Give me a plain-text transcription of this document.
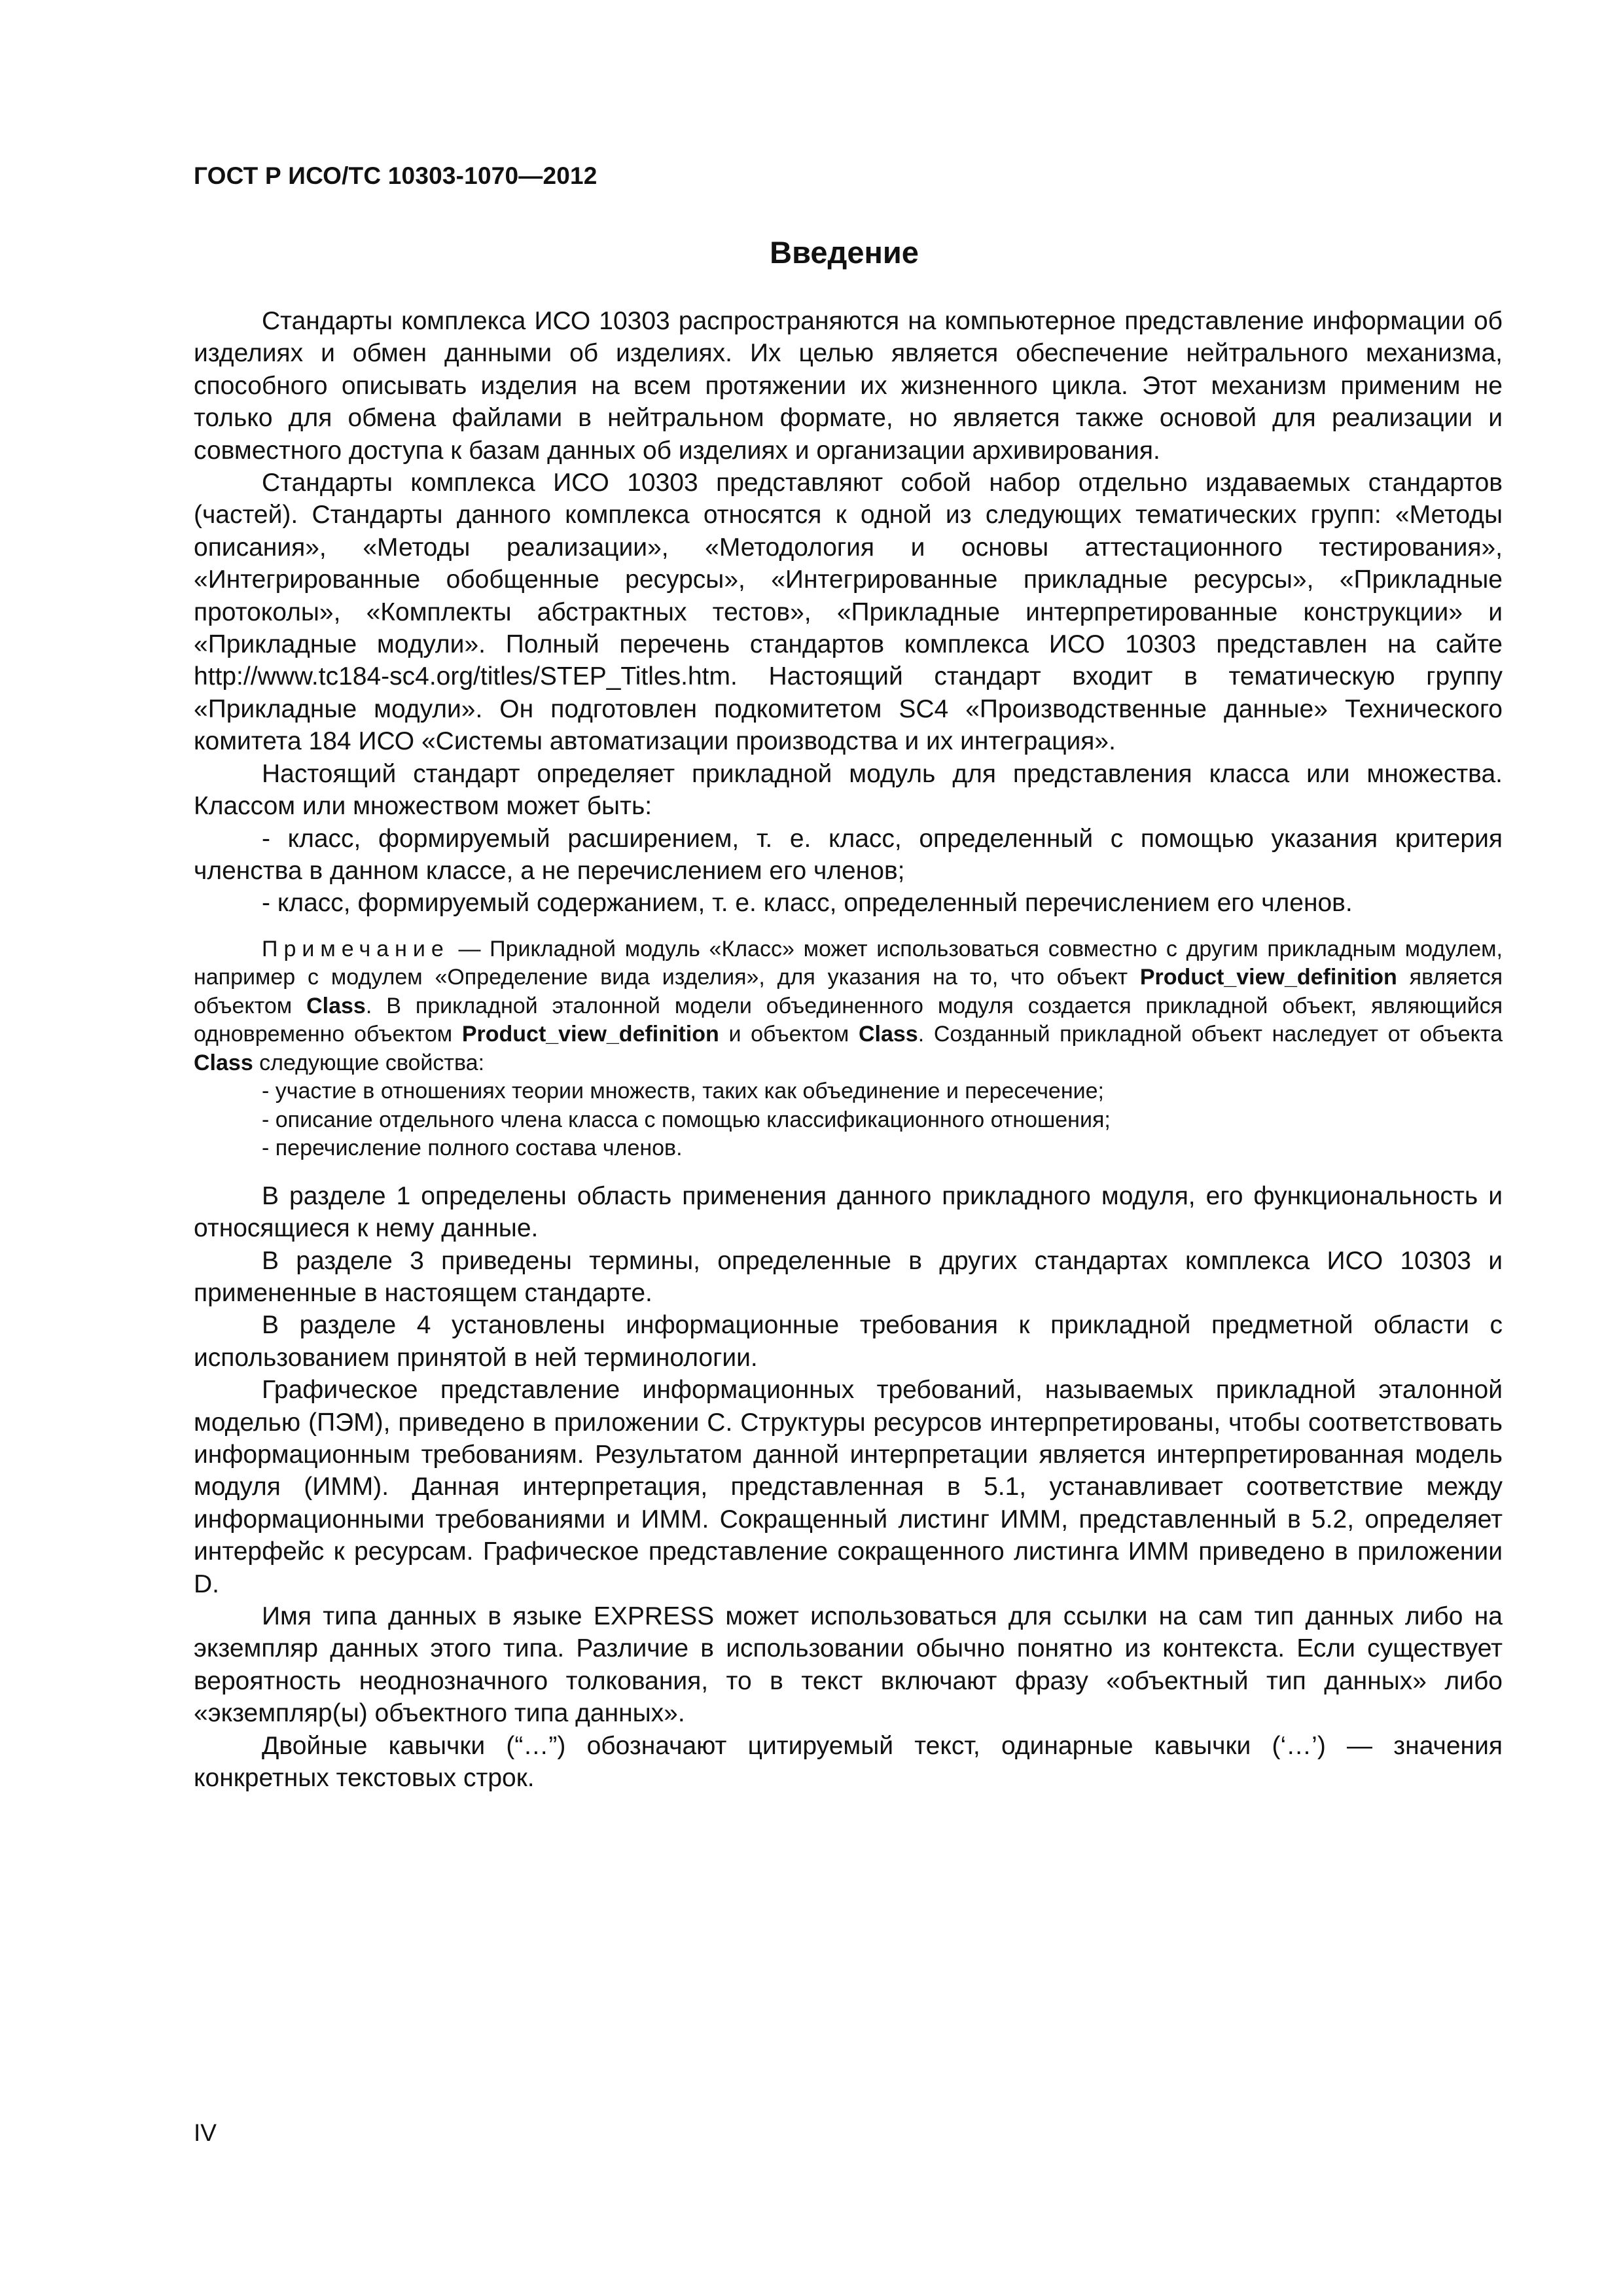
ГОСТ Р ИСО/ТС 10303-1070—2012
Введение

Стандарты комплекса ИСО 10303 распространяются на компьютерное представление информации об изделиях и обмен данными об изделиях. Их целью является обеспечение нейтрального механизма, способного описывать изделия на всем протяжении их жизненного цикла. Этот механизм применим не только для обмена файлами в нейтральном формате, но является также основой для реализации и совместного доступа к базам данных об изделиях и организации архивирования.

Стандарты комплекса ИСО 10303 представляют собой набор отдельно издаваемых стандартов (частей). Стандарты данного комплекса относятся к одной из следующих тематических групп: «Методы описания», «Методы реализации», «Методология и основы аттестационного тестирования», «Интегрированные обобщенные ресурсы», «Интегрированные прикладные ресурсы», «Прикладные протоколы», «Комплекты абстрактных тестов», «Прикладные интерпретированные конструкции» и «Прикладные модули». Полный перечень стандартов комплекса ИСО 10303 представлен на сайте http://www.tc184-sc4.org/titles/STEP_Titles.htm. Настоящий стандарт входит в тематическую группу «Прикладные модули». Он подготовлен подкомитетом SC4 «Производственные данные» Технического комитета 184 ИСО «Системы автоматизации производства и их интеграция».

Настоящий стандарт определяет прикладной модуль для представления класса или множества. Классом или множеством может быть:

- класс, формируемый расширением, т. е. класс, определенный с помощью указания критерия членства в данном классе, а не перечислением его членов;

- класс, формируемый содержанием, т. е. класс, определенный перечислением его членов.

Примечание — Прикладной модуль «Класс» может использоваться совместно с другим прикладным модулем, например с модулем «Определение вида изделия», для указания на то, что объект Product_view_definition является объектом Class. В прикладной эталонной модели объединенного модуля создается прикладной объект, являющийся одновременно объектом Product_view_definition и объектом Class. Созданный прикладной объект наследует от объекта Class следующие свойства:

- участие в отношениях теории множеств, таких как объединение и пересечение;

- описание отдельного члена класса с помощью классификационного отношения;

- перечисление полного состава членов.

В разделе 1 определены область применения данного прикладного модуля, его функциональность и относящиеся к нему данные.

В разделе 3 приведены термины, определенные в других стандартах комплекса ИСО 10303 и примененные в настоящем стандарте.

В разделе 4 установлены информационные требования к прикладной предметной области с использованием принятой в ней терминологии.

Графическое представление информационных требований, называемых прикладной эталонной моделью (ПЭМ), приведено в приложении С. Структуры ресурсов интерпретированы, чтобы соответствовать информационным требованиям. Результатом данной интерпретации является интерпретированная модель модуля (ИММ). Данная интерпретация, представленная в 5.1, устанавливает соответствие между информационными требованиями и ИММ. Сокращенный листинг ИММ, представленный в 5.2, определяет интерфейс к ресурсам. Графическое представление сокращенного листинга ИММ приведено в приложении D.

Имя типа данных в языке EXPRESS может использоваться для ссылки на сам тип данных либо на экземпляр данных этого типа. Различие в использовании обычно понятно из контекста. Если существует вероятность неоднозначного толкования, то в текст включают фразу «объектный тип данных» либо «экземпляр(ы) объектного типа данных».

Двойные кавычки (“…”) обозначают цитируемый текст, одинарные кавычки (‘…’) — значения конкретных текстовых строк.

IV
